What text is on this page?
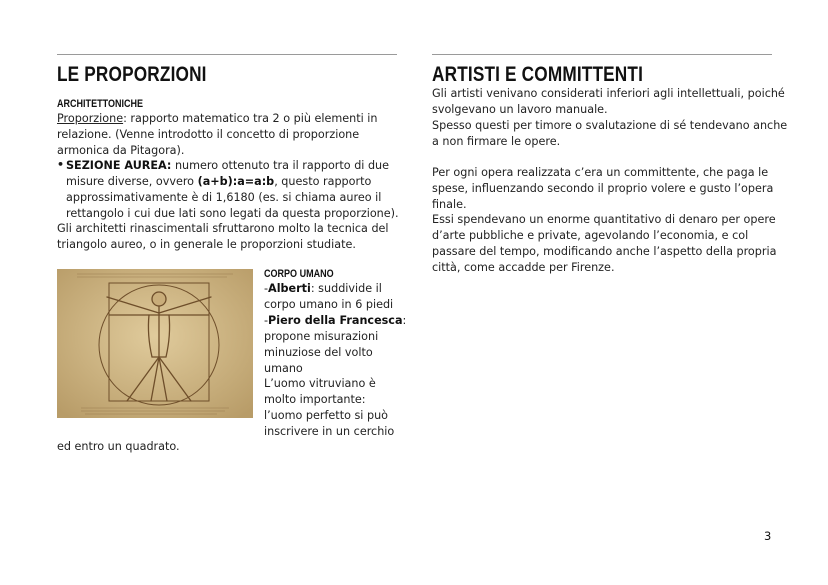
LE PROPORZIONI
ARCHITETTONICHE
Proporzione: rapporto matematico tra 2 o più elementi in
relazione. (Venne introdotto il concetto di proporzione
armonica da Pitagora).
• SEZIONE AUREA: numero ottenuto tra il rapporto di due
misure diverse, ovvero (a+b):a=a:b, questo rapporto
approssimativamente è di 1,6180 (es. si chiama aureo il
rettangolo i cui due lati sono legati da questa proporzione).
Gli architetti rinascimentali sfruttarono molto la tecnica del
triangolo aureo, o in generale le proporzioni studiate.
CORPO UMANO
-Alberti: suddivide il
corpo umano in 6 piedi
-Piero della Francesca:
propone misurazioni
minuziose del volto
umano
L’uomo vitruviano è
molto importante:
l’uomo perfetto si può
inscrivere in un cerchio
ed entro un quadrato.
ARTISTI E COMMITTENTI
Gli artisti venivano considerati inferiori agli intellettuali, poiché
svolgevano un lavoro manuale.
Spesso questi per timore o svalutazione di sé tendevano anche
a non firmare le opere.
Per ogni opera realizzata c’era un committente, che paga le
spese, influenzando secondo il proprio volere e gusto l’opera
finale.
Essi spendevano un enorme quantitativo di denaro per opere
d’arte pubbliche e private, agevolando l’economia, e col
passare del tempo, modificando anche l’aspetto della propria
città, come accadde per Firenze.
3
